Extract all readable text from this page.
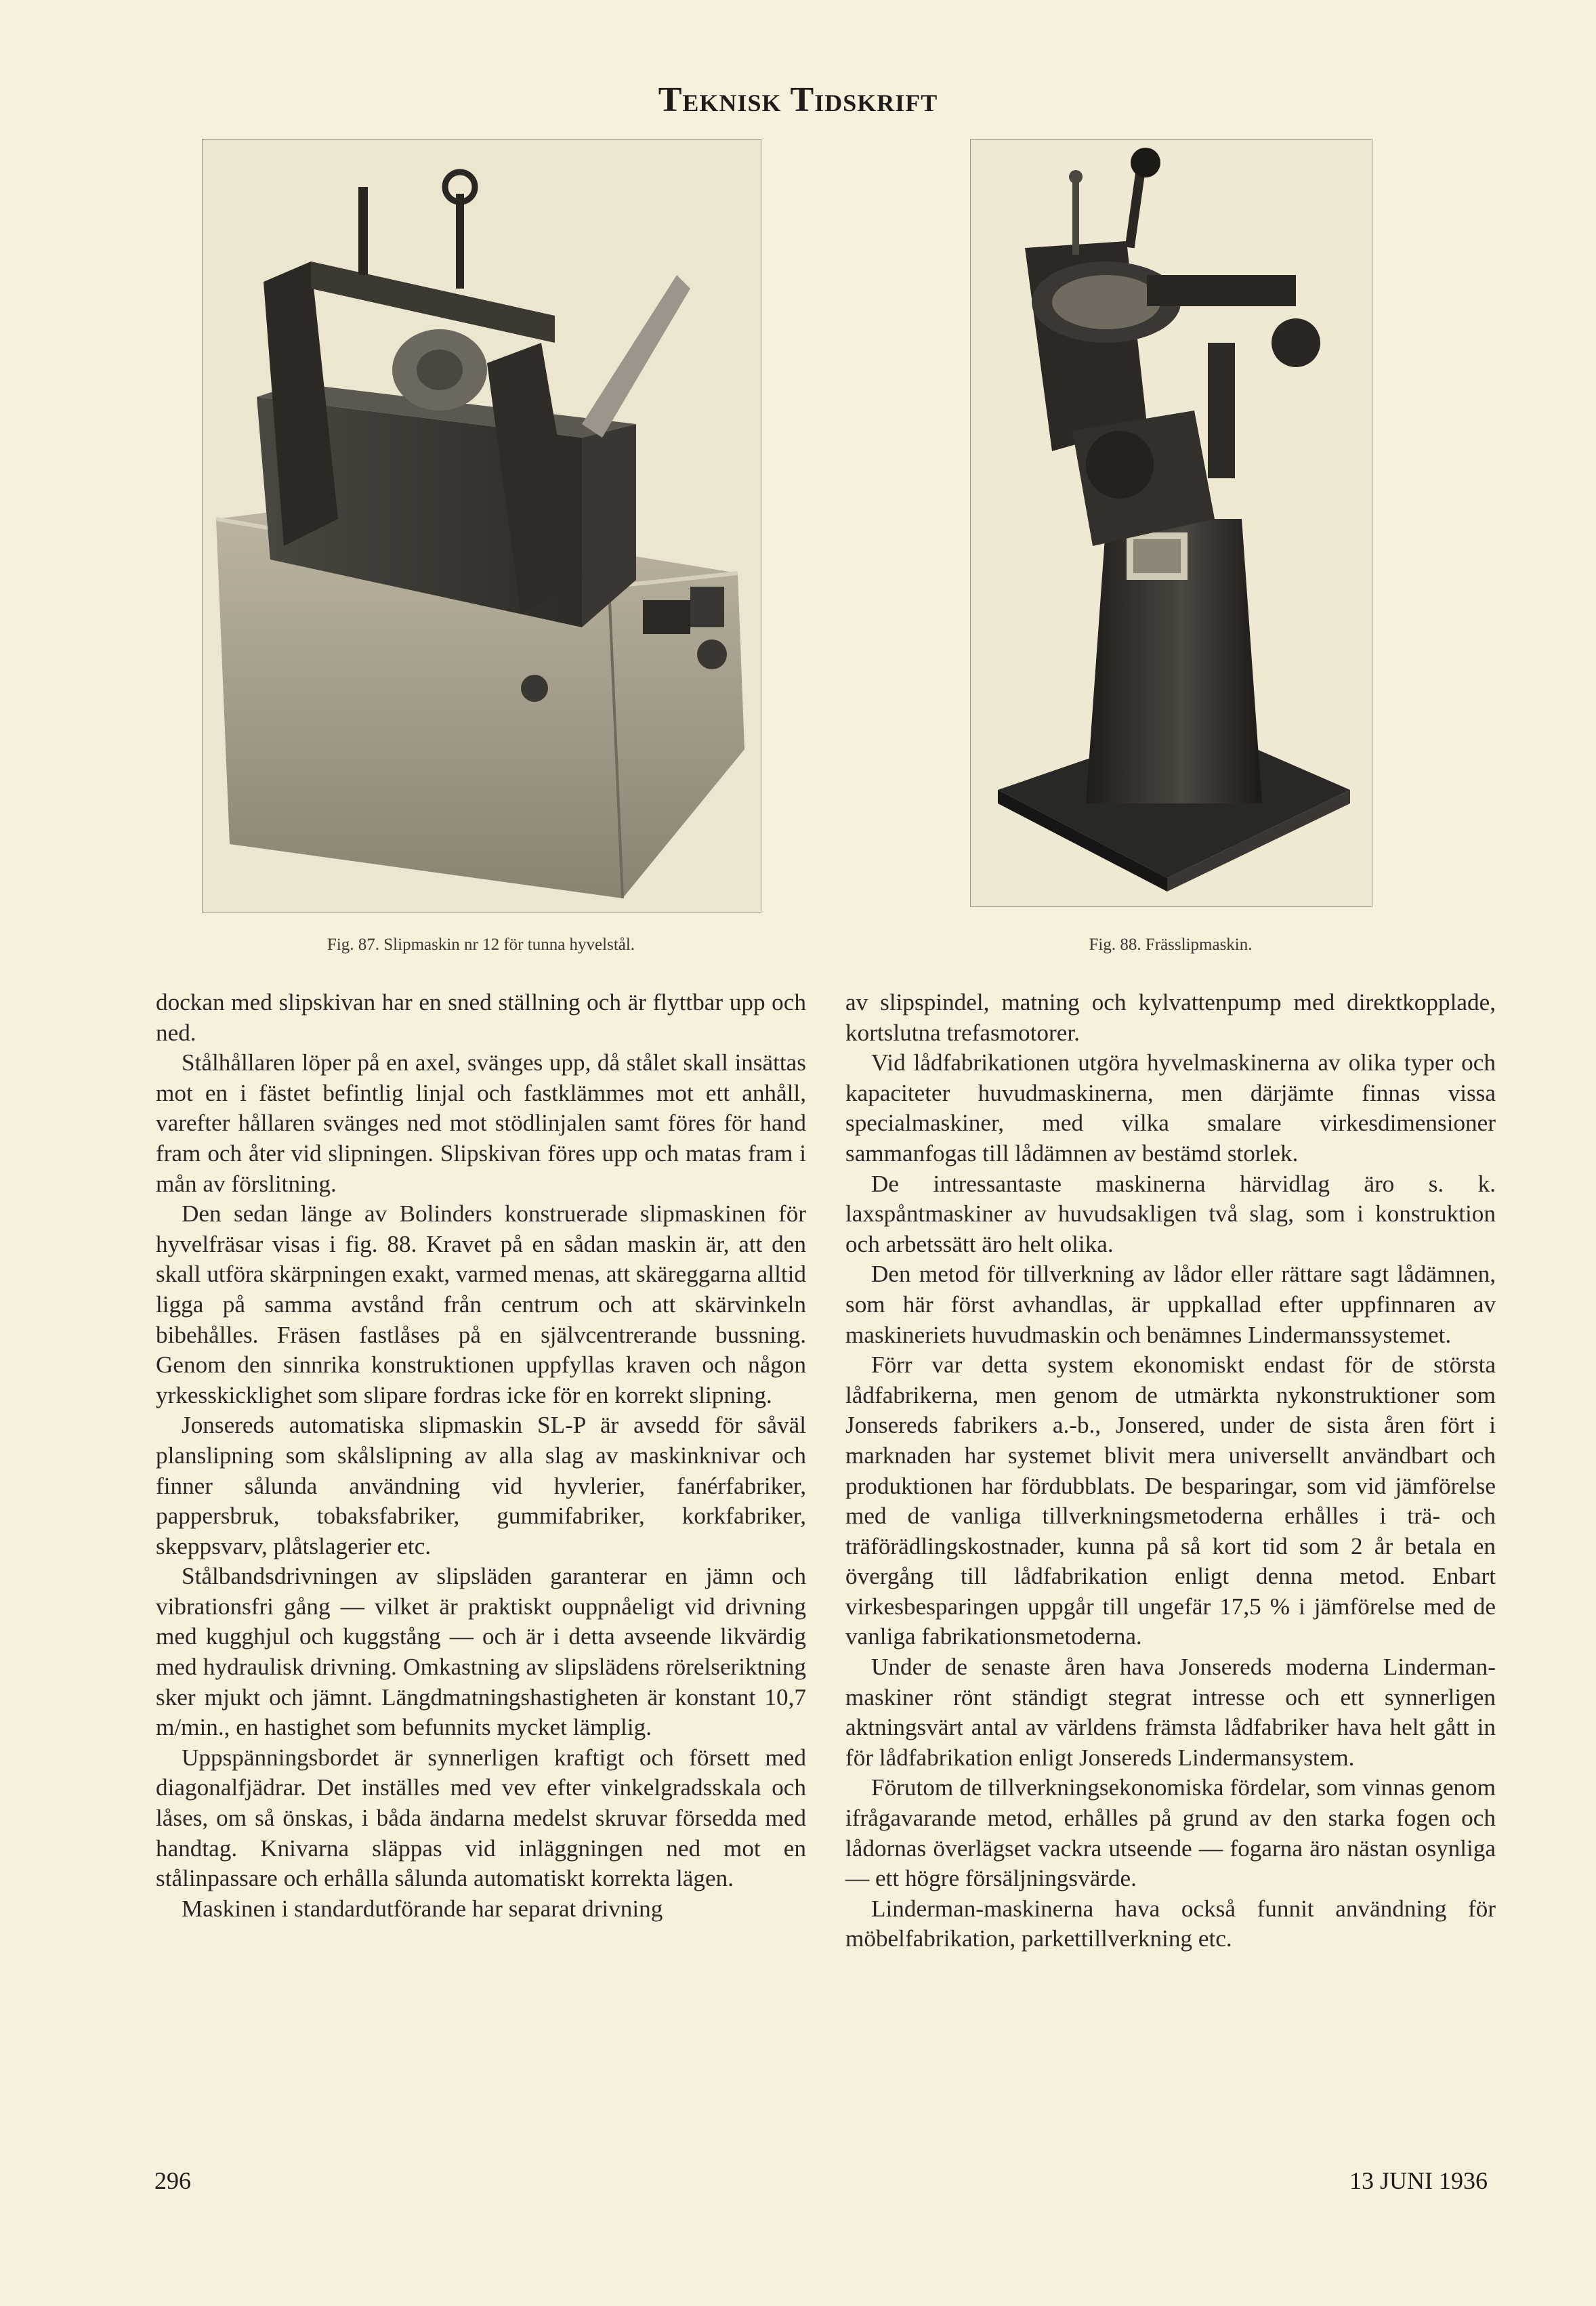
Teknisk Tidskrift
Fig. 87. Slipmaskin nr 12 för tunna hyvelstål.	Fig. 88. Frässlipmaskin.

dockan med slipskivan har en sned ställning och är flyttbar upp och ned.

Stålhållaren löper på en axel, svänges upp, då stålet skall insättas mot en i fästet befintlig linjal och fastklämmes mot ett anhåll, varefter hållaren svänges ned mot stödlinjalen samt föres för hand fram och åter vid slipningen. Slipskivan föres upp och matas fram i mån av förslitning.

Den sedan länge av Bolinders konstruerade slipmaskinen för hyvelfräsar visas i fig. 88. Kravet på en sådan maskin är, att den skall utföra skärpningen exakt, varmed menas, att skäreggarna alltid ligga på samma avstånd från centrum och att skärvinkeln bibehålles. Fräsen fastlåses på en självcentrerande bussning. Genom den sinnrika konstruktionen uppfyllas kraven och någon yrkesskicklighet som slipare fordras icke för en korrekt slipning.

Jonsereds automatiska slipmaskin SL-P är avsedd för såväl planslipning som skålslipning av alla slag av maskinknivar och finner sålunda användning vid hyvlerier, fanérfabriker, pappersbruk, tobaksfabriker, gummifabriker, korkfabriker, skeppsvarv, plåtslagerier etc.

Stålbandsdrivningen av slipsläden garanterar en jämn och vibrationsfri gång — vilket är praktiskt ouppnåeligt vid drivning med kugghjul och kuggstång — och är i detta avseende likvärdig med hydraulisk drivning. Omkastning av slipslädens rörelseriktning sker mjukt och jämnt. Längdmatningshastigheten är konstant 10,7 m/min., en hastighet som befunnits mycket lämplig.

Uppspänningsbordet är synnerligen kraftigt och försett med diagonalfjädrar. Det inställes med vev efter vinkelgradsskala och låses, om så önskas, i båda ändarna medelst skruvar försedda med handtag. Knivarna släppas vid inläggningen ned mot en stålinpassare och erhålla sålunda automatiskt korrekta lägen.

Maskinen i standardutförande har separat drivning

av slipspindel, matning och kylvattenpump med direktkopplade, kortslutna trefasmotorer.

Vid lådfabrikationen utgöra hyvelmaskinerna av olika typer och kapaciteter huvudmaskinerna, men därjämte finnas vissa specialmaskiner, med vilka smalare virkesdimensioner sammanfogas till lådämnen av bestämd storlek.

De intressantaste maskinerna härvidlag äro s. k. laxspåntmaskiner av huvudsakligen två slag, som i konstruktion och arbetssätt äro helt olika.

Den metod för tillverkning av lådor eller rättare sagt lådämnen, som här först avhandlas, är uppkallad efter uppfinnaren av maskineriets huvudmaskin och benämnes Lindermanssystemet.

Förr var detta system ekonomiskt endast för de största lådfabrikerna, men genom de utmärkta nykonstruktioner som Jonsereds fabrikers a.-b., Jonsered, under de sista åren fört i marknaden har systemet blivit mera universellt användbart och produktionen har fördubblats. De besparingar, som vid jämförelse med de vanliga tillverkningsmetoderna erhålles i trä- och träförädlingskostnader, kunna på så kort tid som 2 år betala en övergång till lådfabrikation enligt denna metod. Enbart virkesbesparingen uppgår till ungefär 17,5 % i jämförelse med de vanliga fabrikationsmetoderna.

Under de senaste åren hava Jonsereds moderna Linderman-maskiner rönt ständigt stegrat intresse och ett synnerligen aktningsvärt antal av världens främsta lådfabriker hava helt gått in för lådfabrikation enligt Jonsereds Lindermansystem.

Förutom de tillverkningsekonomiska fördelar, som vinnas genom ifrågavarande metod, erhålles på grund av den starka fogen och lådornas överlägset vackra utseende — fogarna äro nästan osynliga — ett högre försäljningsvärde.

Linderman-maskinerna hava också funnit användning för möbelfabrikation, parkettillverkning etc.

296	13 JUNI 1936
